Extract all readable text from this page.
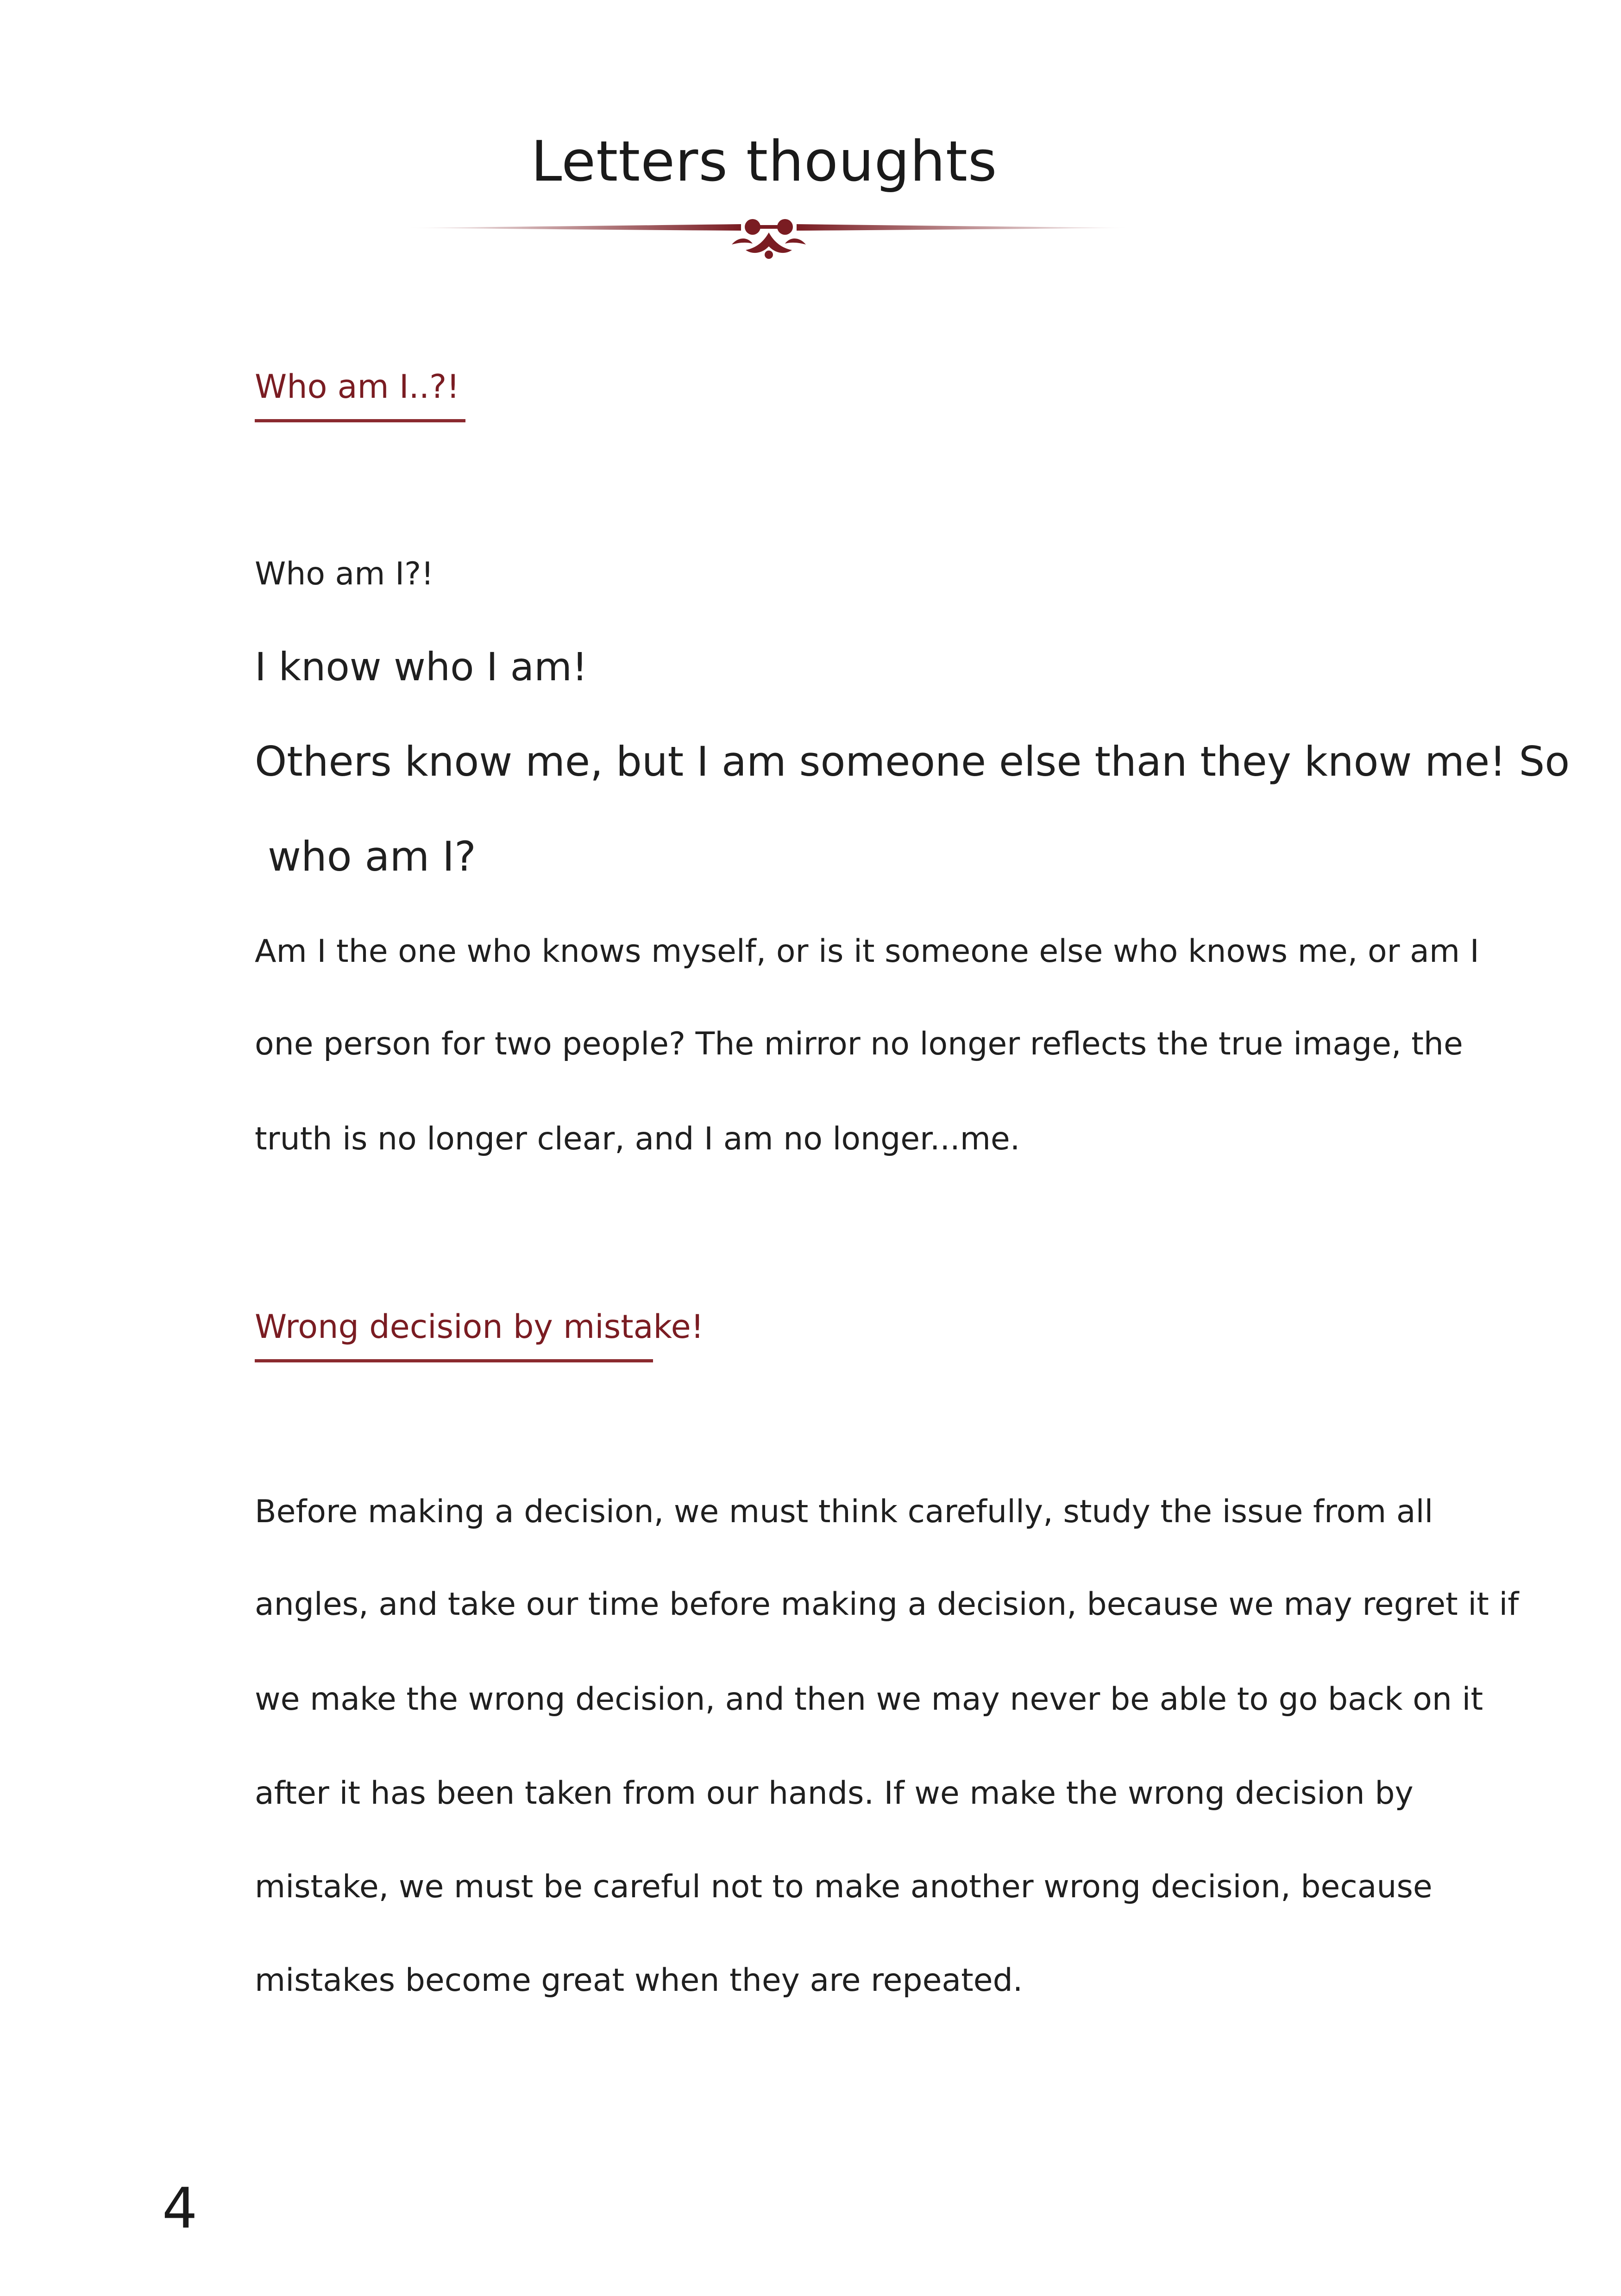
Letters thoughts
Who am I..?!
Who am I?!
I know who I am!
Others know me, but I am someone else than they know me! So
who am I?
Am I the one who knows myself, or is it someone else who knows me, or am I
one person for two people? The mirror no longer reflects the true image, the
truth is no longer clear, and I am no longer...me.
Wrong decision by mistake!
Before making a decision, we must think carefully, study the issue from all
angles, and take our time before making a decision, because we may regret it if
we make the wrong decision, and then we may never be able to go back on it
after it has been taken from our hands. If we make the wrong decision by
mistake, we must be careful not to make another wrong decision, because
mistakes become great when they are repeated.
4
